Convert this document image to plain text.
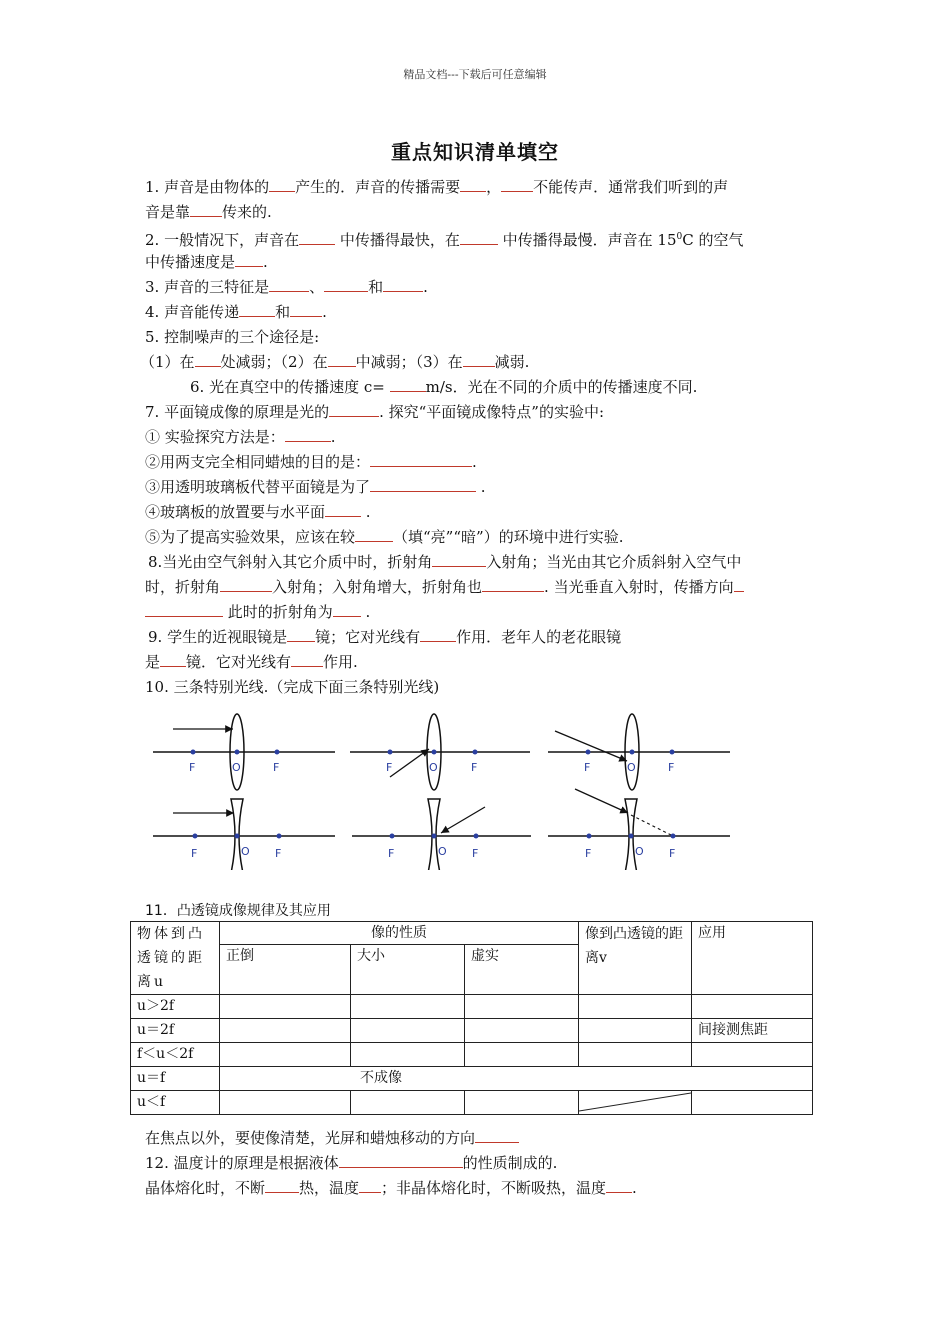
精品文档---下载后可任意编辑
重点知识清单填空
1. 声音是由物体的 产生的．声音的传播需要 ， 不能传声．通常我们听到的声
音是靠 传来的.
2. 一般情况下，声音在 中传播得最快，在	中传播得最慢．声音在 $15^0C$ 的空气
中传播速度是 .
3. 声音的三特征是	、	和	.
4. 声音能传递 和 .
5. 控制噪声的三个途径是:
（1）在 处减弱；（2）在 中减弱；（3）在 减弱.
6. 光在真空中的传播速度 c= m/s．光在不同的介质中的传播速度不同.
7. 平面镜成像的原理是光的	. 探究“平面镜成像特点”的实验中:
① 实验探究方法是：	.
②用两支完全相同蜡烛的目的是：	.
③用透明玻璃板代替平面镜是为了	.
④玻璃板的放置要与水平面 .
⑤为了提高实验效果，应该在较	（填“亮”“暗”）的环境中进行实验.
8.当光由空气斜射入其它介质中时，折射角	入射角；当光由其它介质斜射入空气中
时，折射角	入射角；入射角增大，折射角也	. 当光垂直入射时，传播方向
此时的折射角为 .
9. 学生的近视眼镜是 镜；它对光线有 作用．老年人的老花眼镜
是 镜．它对光线有 作用.
10. 三条特别光线.（完成下面三条特别光线)
F	O	F	F	O	F	F	O	F
F	O F	F	O F	F	O F
11．凸透镜成像规律及其应用
物体到凸透镜的距离u	像的性质			像到凸透镜的距离v	应用
	正倒	大小	虚实		
u＞2f					
u＝2f					间接测焦距
f＜u＜2f					
u＝f	不成像				
u＜f				

在焦点以外，要使像清楚，光屏和蜡烛移动的方向
12. 温度计的原理是根据液体	的性质制成的.
晶体熔化时，不断 热，温度 ；非晶体熔化时，不断吸热，温度 .
